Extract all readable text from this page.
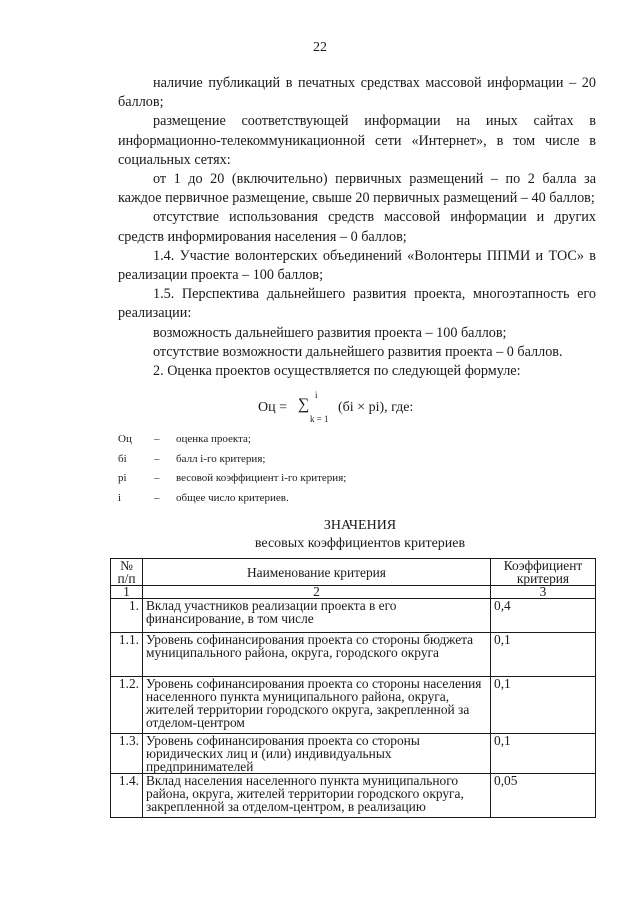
22

наличие публикаций в печатных средствах массовой информации – 20 баллов;

размещение соответствующей информации на иных сайтах в информационно-телекоммуникационной сети «Интернет», в том числе в социальных сетях:

от 1 до 20 (включительно) первичных размещений – по 2 балла за каждое первичное размещение, свыше 20 первичных размещений – 40 баллов;

отсутствие использования средств массовой информации и других средств информирования населения – 0 баллов;

1.4. Участие волонтерских объединений «Волонтеры ППМИ и ТОС» в реализации проекта – 100 баллов;

1.5. Перспектива дальнейшего развития проекта, многоэтапность его реализации:

возможность дальнейшего развития проекта – 100 баллов;

отсутствие возможности дальнейшего развития проекта – 0 баллов.

2. Оценка проектов осуществляется по следующей формуле:

Оц = ∑
i
k = 1
(бi × рi), где:
Оц	–	оценка проекта;
бi	–	балл i-го критерия;
рi	–	весовой коэффициент i-го критерия;
i	–	общее число критериев.
ЗНАЧЕНИЯ
весовых коэффициентов критериев
№ п/п	Наименование критерия	Коэффициент критерия
1	2	3
1.	Вклад участников реализации проекта в его финансирование, в том числе	0,4
1.1.	Уровень софинансирования проекта со стороны бюджета муниципального района, округа, городского округа	0,1
1.2.	Уровень софинансирования проекта со стороны населения населенного пункта муниципального района, округа, жителей территории городского округа, закрепленной за отделом-центром	0,1
1.3.	Уровень софинансирования проекта со стороны юридических лиц и (или) индивидуальных предпринимателей	0,1
1.4.	Вклад населения населенного пункта муниципального района, округа, жителей территории городского округа, закрепленной за отделом-центром, в реализацию	0,05
